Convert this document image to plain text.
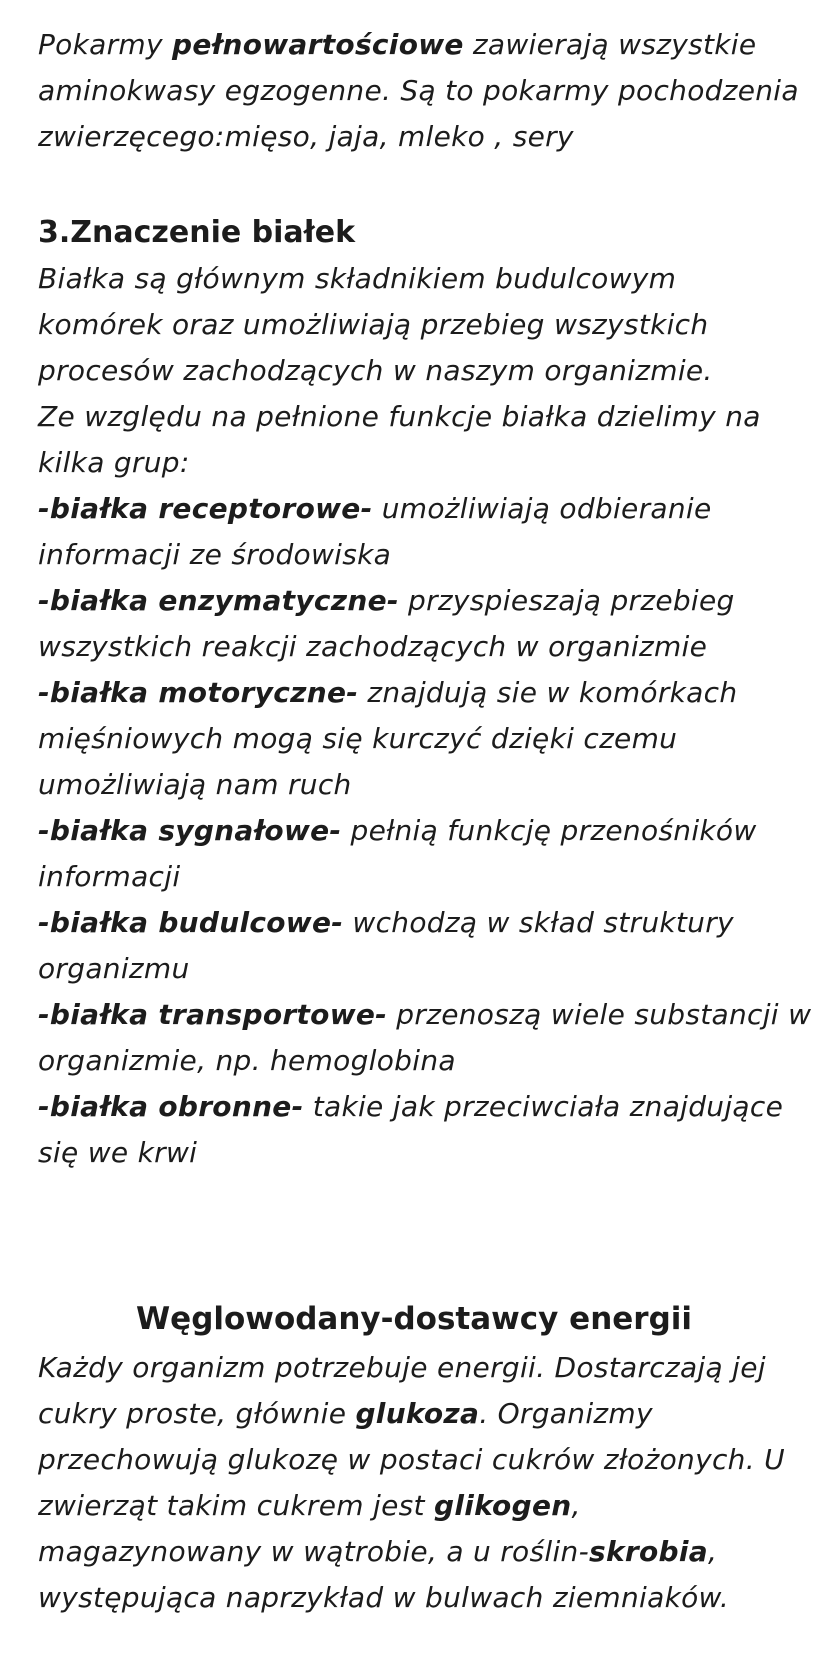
Pokarmy pełnowartościowe zawierają wszystkie
aminokwasy egzogenne. Są to pokarmy pochodzenia
zwierzęcego:mięso, jaja, mleko , sery
3.Znaczenie białek
Białka są głównym składnikiem budulcowym
komórek oraz umożliwiają przebieg wszystkich
procesów zachodzących w naszym organizmie.
Ze względu na pełnione funkcje białka dzielimy na
kilka grup:
-białka receptorowe- umożliwiają odbieranie
informacji ze środowiska
-białka enzymatyczne- przyspieszają przebieg
wszystkich reakcji zachodzących w organizmie
-białka motoryczne- znajdują sie w komórkach
mięśniowych mogą się kurczyć dzięki czemu
umożliwiają nam ruch
-białka sygnałowe- pełnią funkcję przenośników
informacji
-białka budulcowe- wchodzą w skład struktury
organizmu
-białka transportowe- przenoszą wiele substancji w
organizmie, np. hemoglobina
-białka obronne- takie jak przeciwciała znajdujące
się we krwi
Węglowodany-dostawcy energii
Każdy organizm potrzebuje energii. Dostarczają jej
cukry proste, głównie glukoza. Organizmy
przechowują glukozę w postaci cukrów złożonych. U
zwierząt takim cukrem jest glikogen,
magazynowany w wątrobie, a u roślin-skrobia,
występująca naprzykład w bulwach ziemniaków.
